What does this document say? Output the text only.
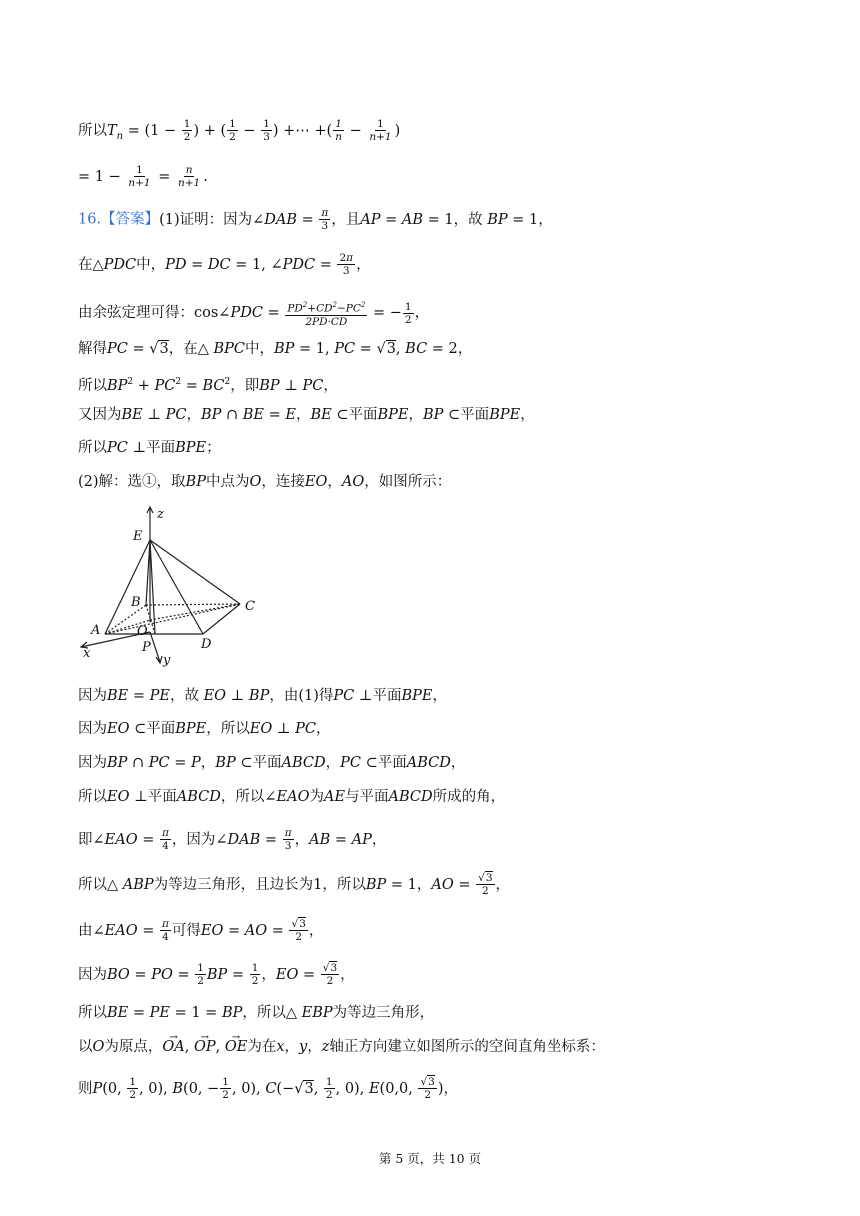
所以$T_n = (1 - \frac{1}{2}$ ) + ( $\frac{1}{2} - \frac{1}{3}$ ) +⋯ +( $\frac{1}{n} - \frac{1}{n+1}$ )
= $1 - \frac{1}{n+1} = \frac{n}{n+1}$ .
16.【答案】(1)证明：因为∠DAB = $\frac{\pi}{3}$ ，且AP = AB = 1，故 BP = 1，
在△PDC中，PD = DC = 1, ∠PDC = $\frac{2\pi}{3}$ ，
由余弦定理可得：cos∠PDC = $\frac{PD^2+CD^2-PC^2}{2PD\cdot CD}$ = − $\frac{1}{2}$ ，
解得PC = √3，在△ BPC中，BP = 1, PC = √3, BC = 2，
所以$BP^2 + PC^2 = BC^2$，即BP ⊥ PC，
又因为BE ⊥ PC，BP ∩ BE = E，BE ⊂平面BPE，BP ⊂平面BPE，
所以PC ⊥平面BPE；
(2)解：选①，取BP中点为O，连接EO，AO，如图所示：
E
z
B	C
A	O
P	D
x	y
因为BE = PE，故 EO ⊥ BP，由(1)得PC ⊥平面BPE，
因为EO ⊂平面BPE，所以EO ⊥ PC，
因为BP ∩ PC = P，BP ⊂平面ABCD，PC ⊂平面ABCD，
所以EO ⊥平面ABCD，所以∠EAO为AE与平面ABCD所成的角，
即∠EAO = $\frac{\pi}{4}$ ，因为∠DAB = $\frac{\pi}{3}$ ，AB = AP，
所以△ ABP为等边三角形，且边长为1，所以BP = 1，AO = $\frac{√3}{2}$ ，
由∠EAO = $\frac{\pi}{4}$ 可得EO = AO = $\frac{√3}{2}$ ，
因为BO = PO = $\frac{1}{2}$ BP = $\frac{1}{2}$ ，EO = $\frac{√3}{2}$ ，
所以BE = PE = 1 = BP，所以△ EBP为等边三角形，
以O为原点，→ OA, → OP, → OE为在x，y，z轴正方向建立如图所示的空间直角坐标系：
则P(0, $\frac{1}{2}$ , 0), B(0, − $\frac{1}{2}$ , 0), C(−√3, $\frac{1}{2}$ , 0), E(0,0, $\frac{√3}{2}$ )，
第 5 页，共 10 页
